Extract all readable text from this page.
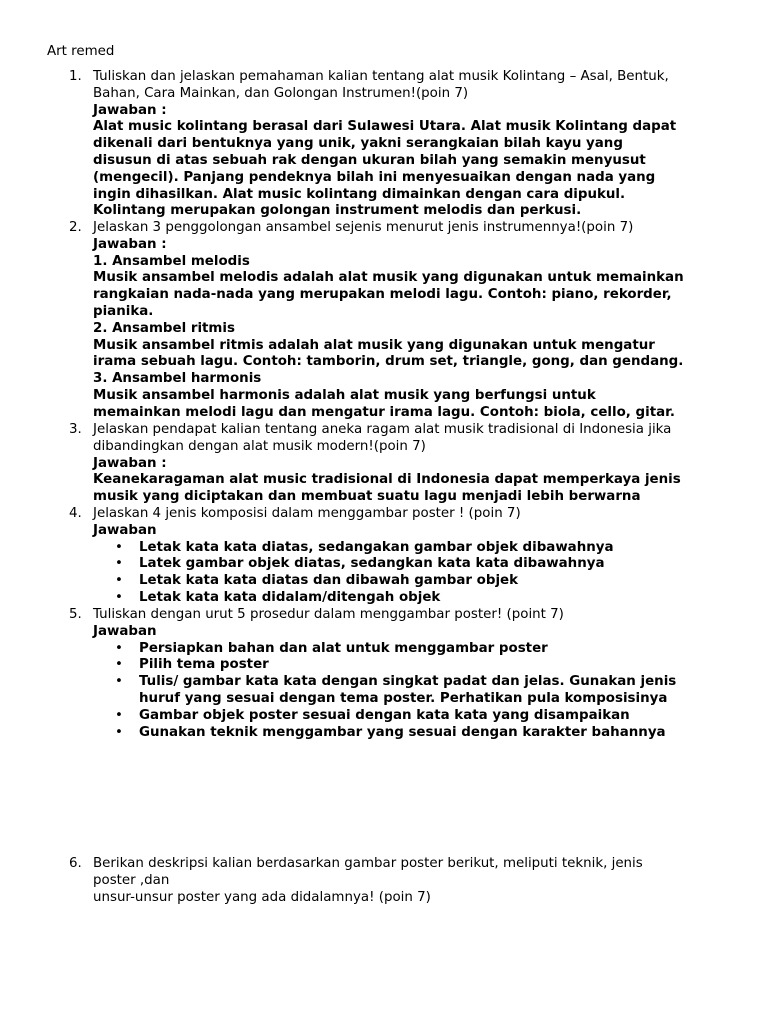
Art remed
1. Tuliskan dan jelaskan pemahaman kalian tentang alat musik Kolintang – Asal, Bentuk,
Bahan, Cara Mainkan, dan Golongan Instrumen!(poin 7)
Jawaban :
Alat music kolintang berasal dari Sulawesi Utara. Alat musik Kolintang dapat
dikenali dari bentuknya yang unik, yakni serangkaian bilah kayu yang
disusun di atas sebuah rak dengan ukuran bilah yang semakin menyusut
(mengecil). Panjang pendeknya bilah ini menyesuaikan dengan nada yang
ingin dihasilkan. Alat music kolintang dimainkan dengan cara dipukul.
Kolintang merupakan golongan instrument melodis dan perkusi.
2. Jelaskan 3 penggolongan ansambel sejenis menurut jenis instrumennya!(poin 7)
Jawaban :
1. Ansambel melodis
Musik ansambel melodis adalah alat musik yang digunakan untuk memainkan
rangkaian nada-nada yang merupakan melodi lagu. Contoh: piano, rekorder,
pianika.
2. Ansambel ritmis
Musik ansambel ritmis adalah alat musik yang digunakan untuk mengatur
irama sebuah lagu. Contoh: tamborin, drum set, triangle, gong, dan gendang.
3. Ansambel harmonis
Musik ansambel harmonis adalah alat musik yang berfungsi untuk
memainkan melodi lagu dan mengatur irama lagu. Contoh: biola, cello, gitar.
3. Jelaskan pendapat kalian tentang aneka ragam alat musik tradisional di Indonesia jika
dibandingkan dengan alat musik modern!(poin 7)
Jawaban :
Keanekaragaman alat music tradisional di Indonesia dapat memperkaya jenis
musik yang diciptakan dan membuat suatu lagu menjadi lebih berwarna
4. Jelaskan 4 jenis komposisi dalam menggambar poster ! (poin 7)
Jawaban
• Letak kata kata diatas, sedangakan gambar objek dibawahnya
• Latek gambar objek diatas, sedangkan kata kata dibawahnya
• Letak kata kata diatas dan dibawah gambar objek
• Letak kata kata didalam/ditengah objek
5. Tuliskan dengan urut 5 prosedur dalam menggambar poster! (point 7)
Jawaban
• Persiapkan bahan dan alat untuk menggambar poster
• Pilih tema poster
• Tulis/ gambar kata kata dengan singkat padat dan jelas. Gunakan jenis
huruf yang sesuai dengan tema poster. Perhatikan pula komposisinya
• Gambar objek poster sesuai dengan kata kata yang disampaikan
• Gunakan teknik menggambar yang sesuai dengan karakter bahannya
6. Berikan deskripsi kalian berdasarkan gambar poster berikut, meliputi teknik, jenis
poster ,dan
unsur-unsur poster yang ada didalamnya! (poin 7)
